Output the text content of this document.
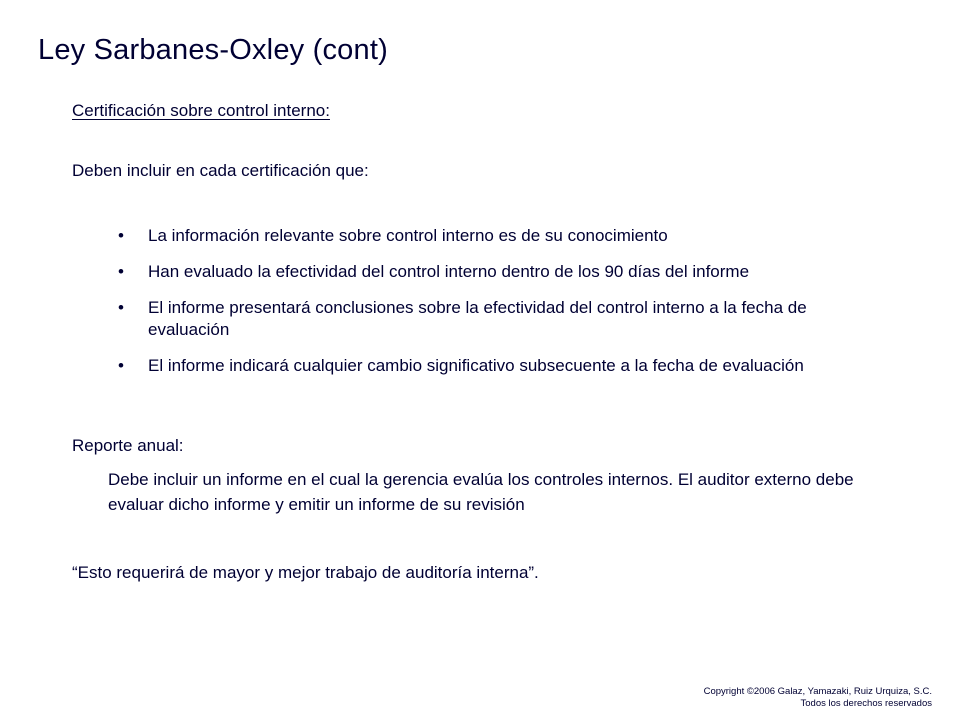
Ley Sarbanes-Oxley (cont)
Certificación sobre control interno:
Deben incluir en cada certificación que:
• La información relevante sobre control interno es de su conocimiento
• Han evaluado la efectividad del control interno dentro de los 90 días del informe
• El informe presentará conclusiones sobre la efectividad del control interno a la fecha de evaluación
• El informe indicará cualquier cambio significativo subsecuente a la fecha de evaluación
Reporte anual:
Debe incluir un informe en el cual la gerencia evalúa los controles internos. El auditor externo debe evaluar dicho informe y emitir un informe de su revisión
“Esto requerirá de mayor y mejor trabajo de auditoría interna”.
Copyright ©2006 Galaz, Yamazaki, Ruiz Urquiza, S.C.
Todos los derechos reservados
